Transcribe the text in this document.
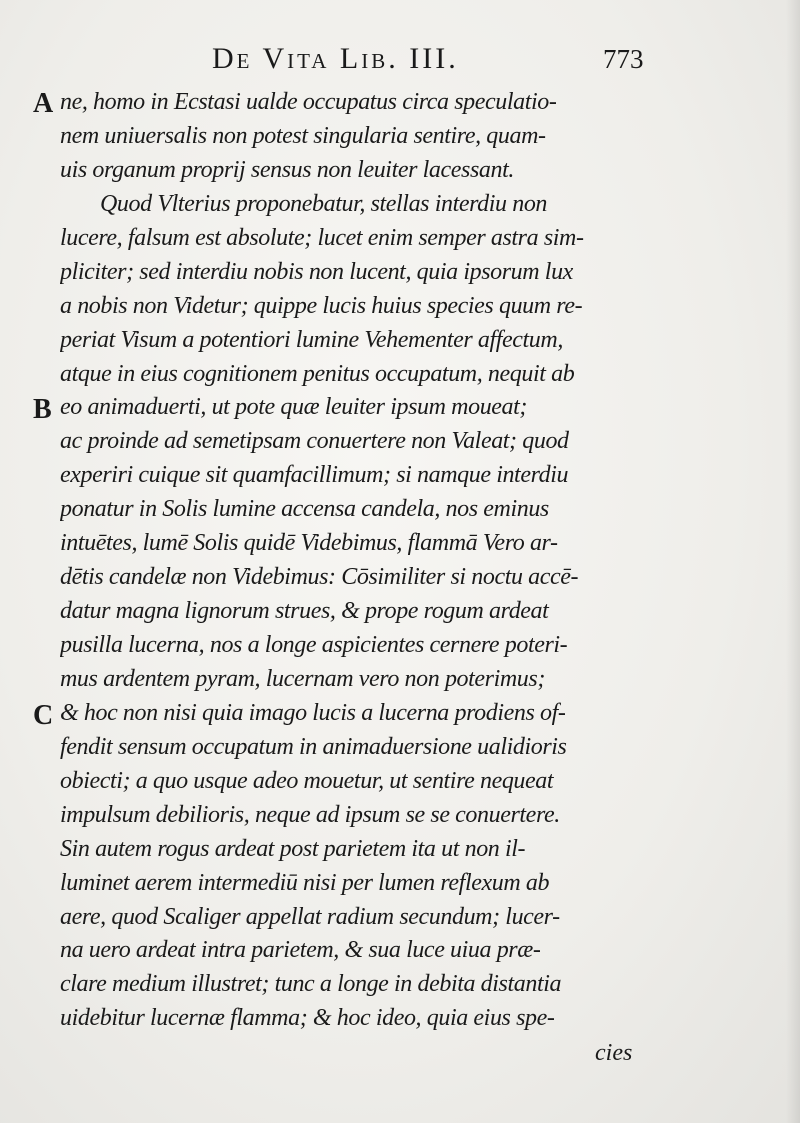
De Vita Lib. III.	773
A
B
C
ne, homo in Ecstasi ualde occupatus circa speculatio-
nem uniuersalis non potest singularia sentire, quam-
uis organum proprij sensus non leuiter lacessant.
Quod Vlterius proponebatur, stellas interdiu non
lucere, falsum est absolute; lucet enim semper astra sim-
pliciter; sed interdiu nobis non lucent, quia ipsorum lux
a nobis non Videtur; quippe lucis huius species quum re-
periat Visum a potentiori lumine Vehementer affectum,
atque in eius cognitionem penitus occupatum, nequit ab
eo animaduerti, ut pote quæ leuiter ipsum moueat;
ac proinde ad semetipsam conuertere non Valeat; quod
experiri cuique sit quamfacillimum; si namque interdiu
ponatur in Solis lumine accensa candela, nos eminus
intuētes, lumē Solis quidē Videbimus, flammā Vero ar-
dētis candelæ non Videbimus: Cōsimiliter si noctu accē-
datur magna lignorum strues, & prope rogum ardeat
pusilla lucerna, nos a longe aspicientes cernere poteri-
mus ardentem pyram, lucernam vero non poterimus;
& hoc non nisi quia imago lucis a lucerna prodiens of-
fendit sensum occupatum in animaduersione ualidioris
obiecti; a quo usque adeo mouetur, ut sentire nequeat
impulsum debilioris, neque ad ipsum se se conuertere.
Sin autem rogus ardeat post parietem ita ut non il-
luminet aerem intermediū nisi per lumen reflexum ab
aere, quod Scaliger appellat radium secundum; lucer-
na uero ardeat intra parietem, & sua luce uiua præ-
clare medium illustret; tunc a longe in debita distantia
uidebitur lucernæ flamma; & hoc ideo, quia eius spe-
cies
